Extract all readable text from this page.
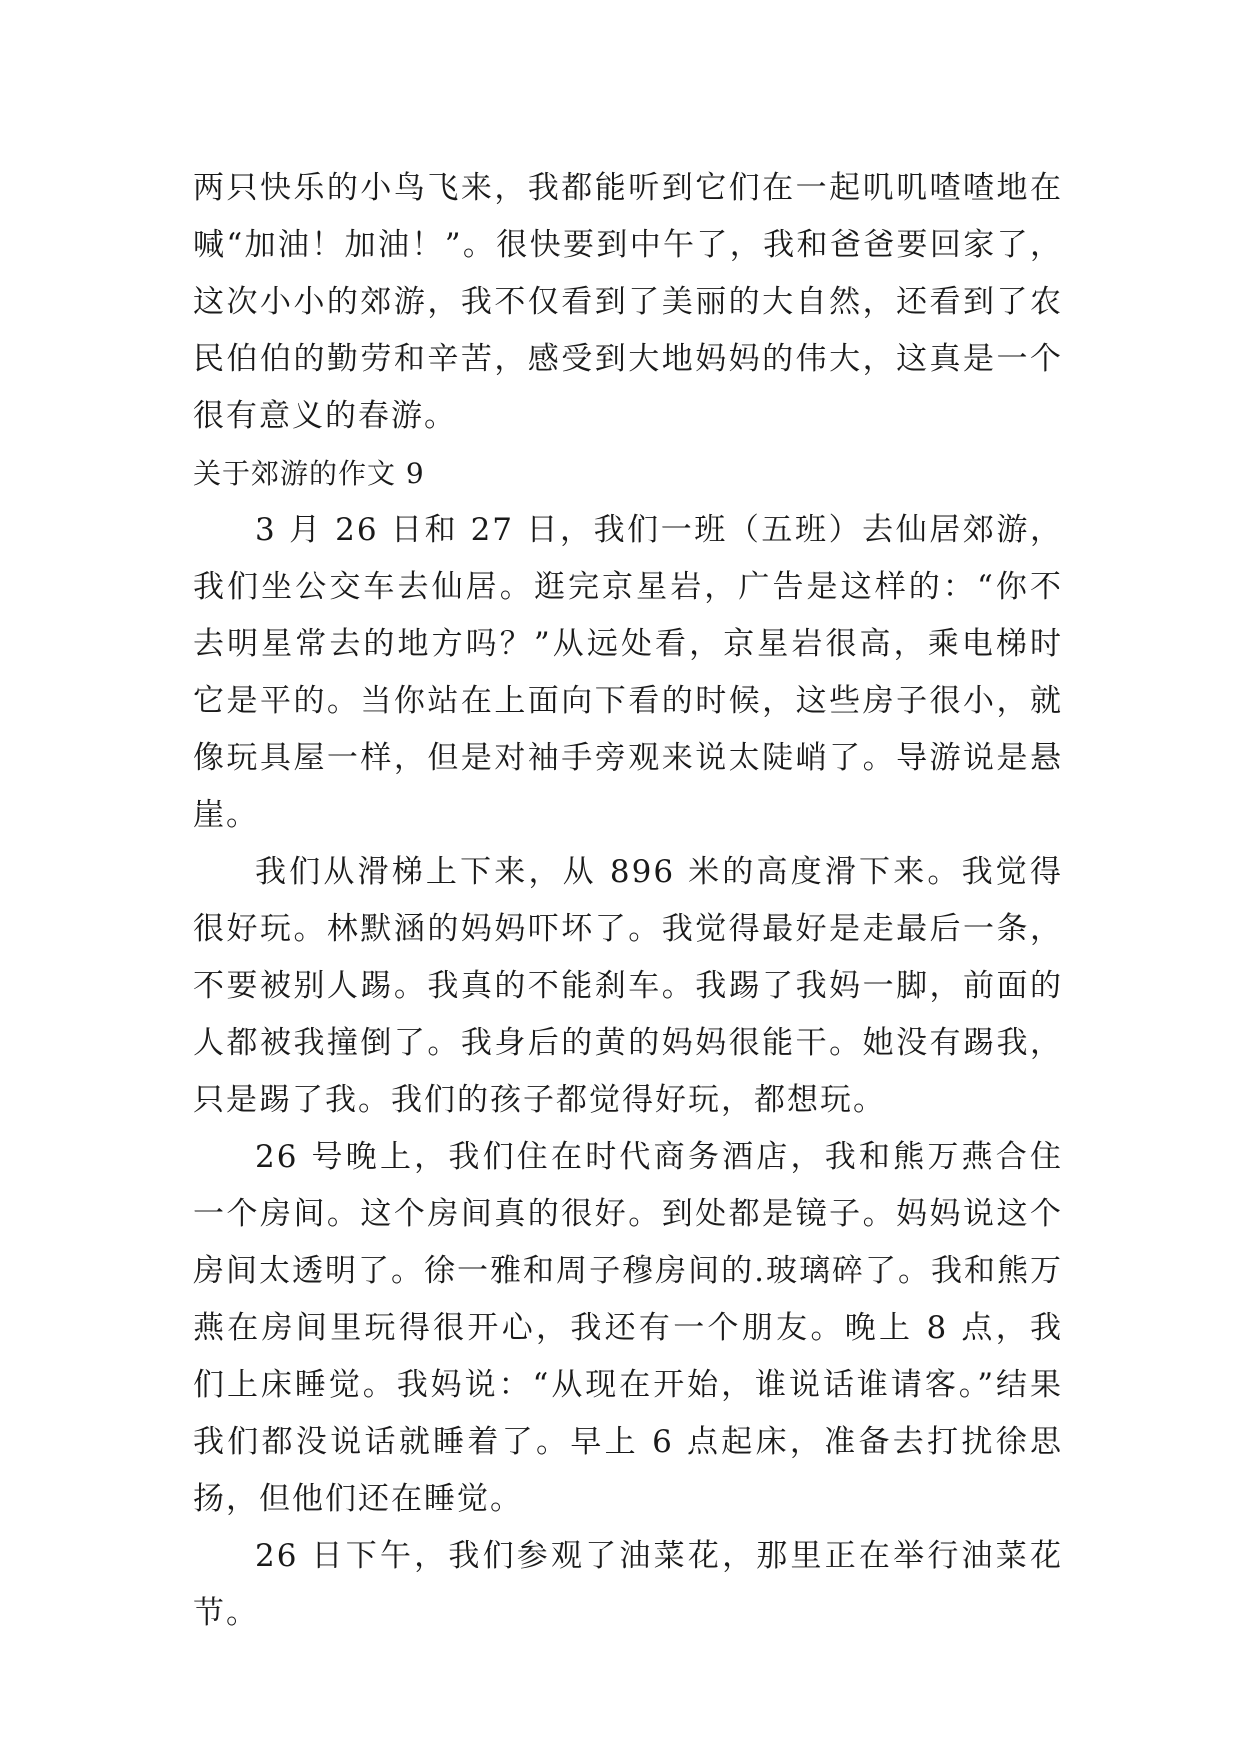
两只快乐的小鸟飞来，我都能听到它们在一起叽叽喳喳地在喊“加油！加油！”。很快要到中午了，我和爸爸要回家了，这次小小的郊游，我不仅看到了美丽的大自然，还看到了农民伯伯的勤劳和辛苦，感受到大地妈妈的伟大，这真是一个很有意义的春游。

关于郊游的作文 9

3 月 26 日和 27 日，我们一班（五班）去仙居郊游，我们坐公交车去仙居。逛完京星岩，广告是这样的：“你不去明星常去的地方吗？”从远处看，京星岩很高，乘电梯时它是平的。当你站在上面向下看的时候，这些房子很小，就像玩具屋一样，但是对袖手旁观来说太陡峭了。导游说是悬崖。

我们从滑梯上下来，从 896 米的高度滑下来。我觉得很好玩。林默涵的妈妈吓坏了。我觉得最好是走最后一条，不要被别人踢。我真的不能刹车。我踢了我妈一脚，前面的人都被我撞倒了。我身后的黄的妈妈很能干。她没有踢我，只是踢了我。我们的孩子都觉得好玩，都想玩。

26 号晚上，我们住在时代商务酒店，我和熊万燕合住一个房间。这个房间真的很好。到处都是镜子。妈妈说这个房间太透明了。徐一雅和周子穆房间的.玻璃碎了。我和熊万燕在房间里玩得很开心，我还有一个朋友。晚上 8 点，我们上床睡觉。我妈说：“从现在开始，谁说话谁请客。”结果我们都没说话就睡着了。早上 6 点起床，准备去打扰徐思扬，但他们还在睡觉。

26 日下午，我们参观了油菜花，那里正在举行油菜花节。
